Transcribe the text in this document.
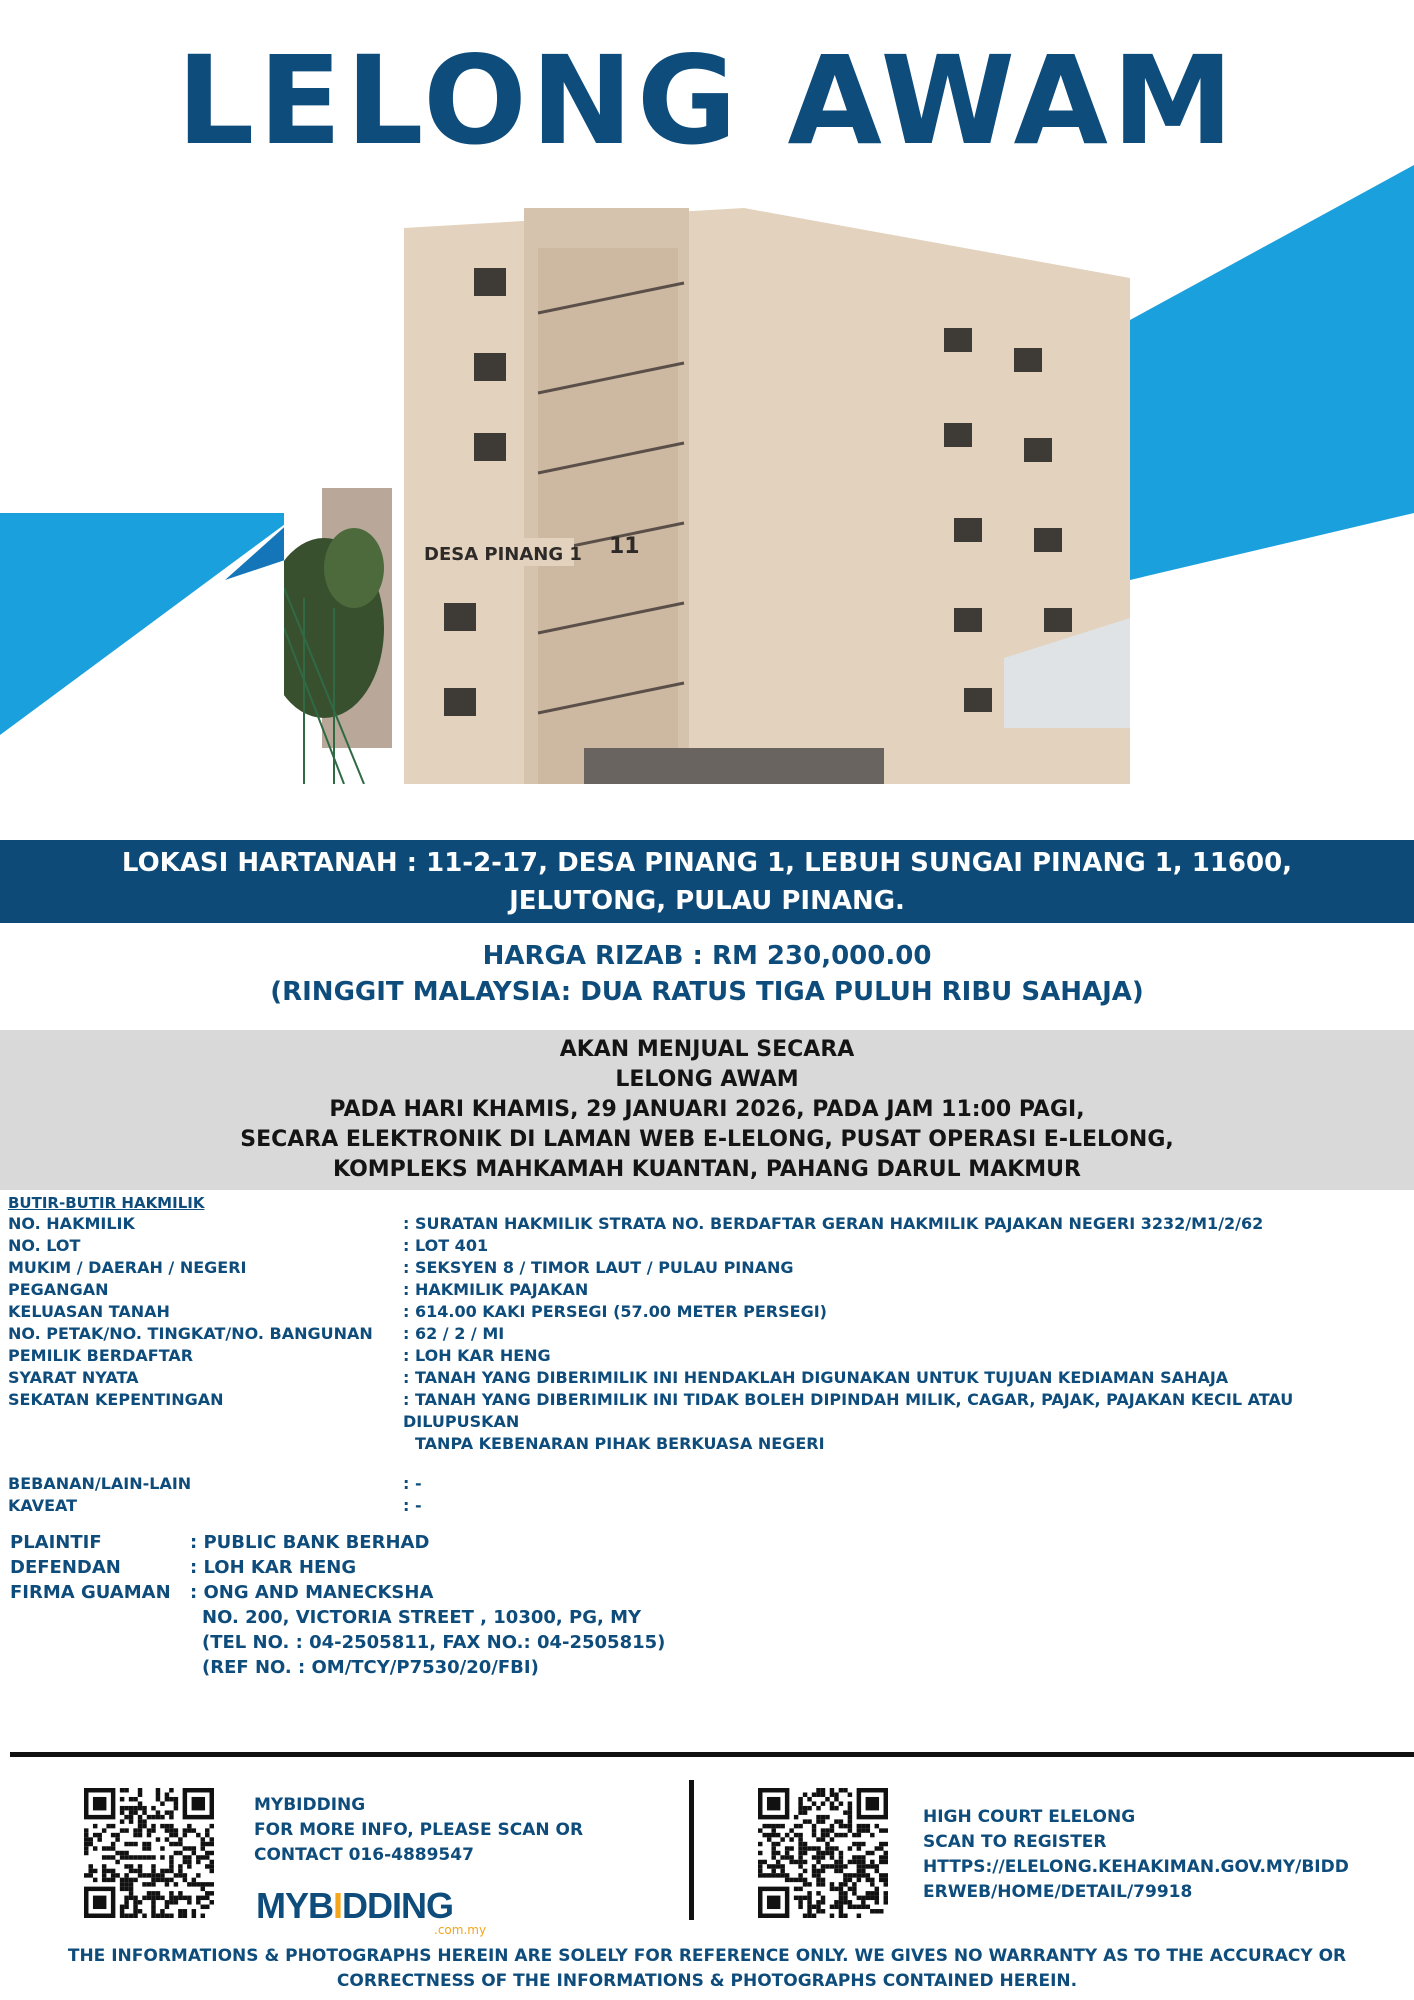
LELONG AWAM
DESA PINANG 1 11
LOKASI HARTANAH : 11-2-17, DESA PINANG 1, LEBUH SUNGAI PINANG 1, 11600,
JELUTONG, PULAU PINANG.
HARGA RIZAB : RM 230,000.00
(RINGGIT MALAYSIA: DUA RATUS TIGA PULUH RIBU SAHAJA)
AKAN MENJUAL SECARA
LELONG AWAM
PADA HARI KHAMIS, 29 JANUARI 2026, PADA JAM 11:00 PAGI,
SECARA ELEKTRONIK DI LAMAN WEB E-LELONG, PUSAT OPERASI E-LELONG,
KOMPLEKS MAHKAMAH KUANTAN, PAHANG DARUL MAKMUR
BUTIR-BUTIR HAKMILIK
NO. HAKMILIK	: SURATAN HAKMILIK STRATA NO. BERDAFTAR GERAN HAKMILIK PAJAKAN NEGERI 3232/M1/2/62
NO. LOT	: LOT 401
MUKIM / DAERAH / NEGERI	: SEKSYEN 8 / TIMOR LAUT / PULAU PINANG
PEGANGAN	: HAKMILIK PAJAKAN
KELUASAN TANAH	: 614.00 KAKI PERSEGI (57.00 METER PERSEGI)
NO. PETAK/NO. TINGKAT/NO. BANGUNAN	: 62 / 2 / MI
PEMILIK BERDAFTAR	: LOH KAR HENG
SYARAT NYATA	: TANAH YANG DIBERIMILIK INI HENDAKLAH DIGUNAKAN UNTUK TUJUAN KEDIAMAN SAHAJA
SEKATAN KEPENTINGAN	: TANAH YANG DIBERIMILIK INI TIDAK BOLEH DIPINDAH MILIK, CAGAR, PAJAK, PAJAKAN KECIL ATAU DILUPUSKAN
TANPA KEBENARAN PIHAK BERKUASA NEGERI
BEBANAN/LAIN-LAIN	: -
KAVEAT	: -
PLAINTIF	: PUBLIC BANK BERHAD
DEFENDAN	: LOH KAR HENG
FIRMA GUAMAN	: ONG AND MANECKSHA
NO. 200, VICTORIA STREET , 10300, PG, MY
(TEL NO. : 04-2505811, FAX NO.: 04-2505815)
(REF NO. : OM/TCY/P7530/20/FBI)
MYBIDDING
FOR MORE INFO, PLEASE SCAN OR
CONTACT 016-4889547
MYBIDDING
.com.my
HIGH COURT ELELONG
SCAN TO REGISTER
HTTPS://ELELONG.KEHAKIMAN.GOV.MY/BIDD
ERWEB/HOME/DETAIL/79918
THE INFORMATIONS & PHOTOGRAPHS HEREIN ARE SOLELY FOR REFERENCE ONLY. WE GIVES NO WARRANTY AS TO THE ACCURACY OR
CORRECTNESS OF THE INFORMATIONS & PHOTOGRAPHS CONTAINED HEREIN.
